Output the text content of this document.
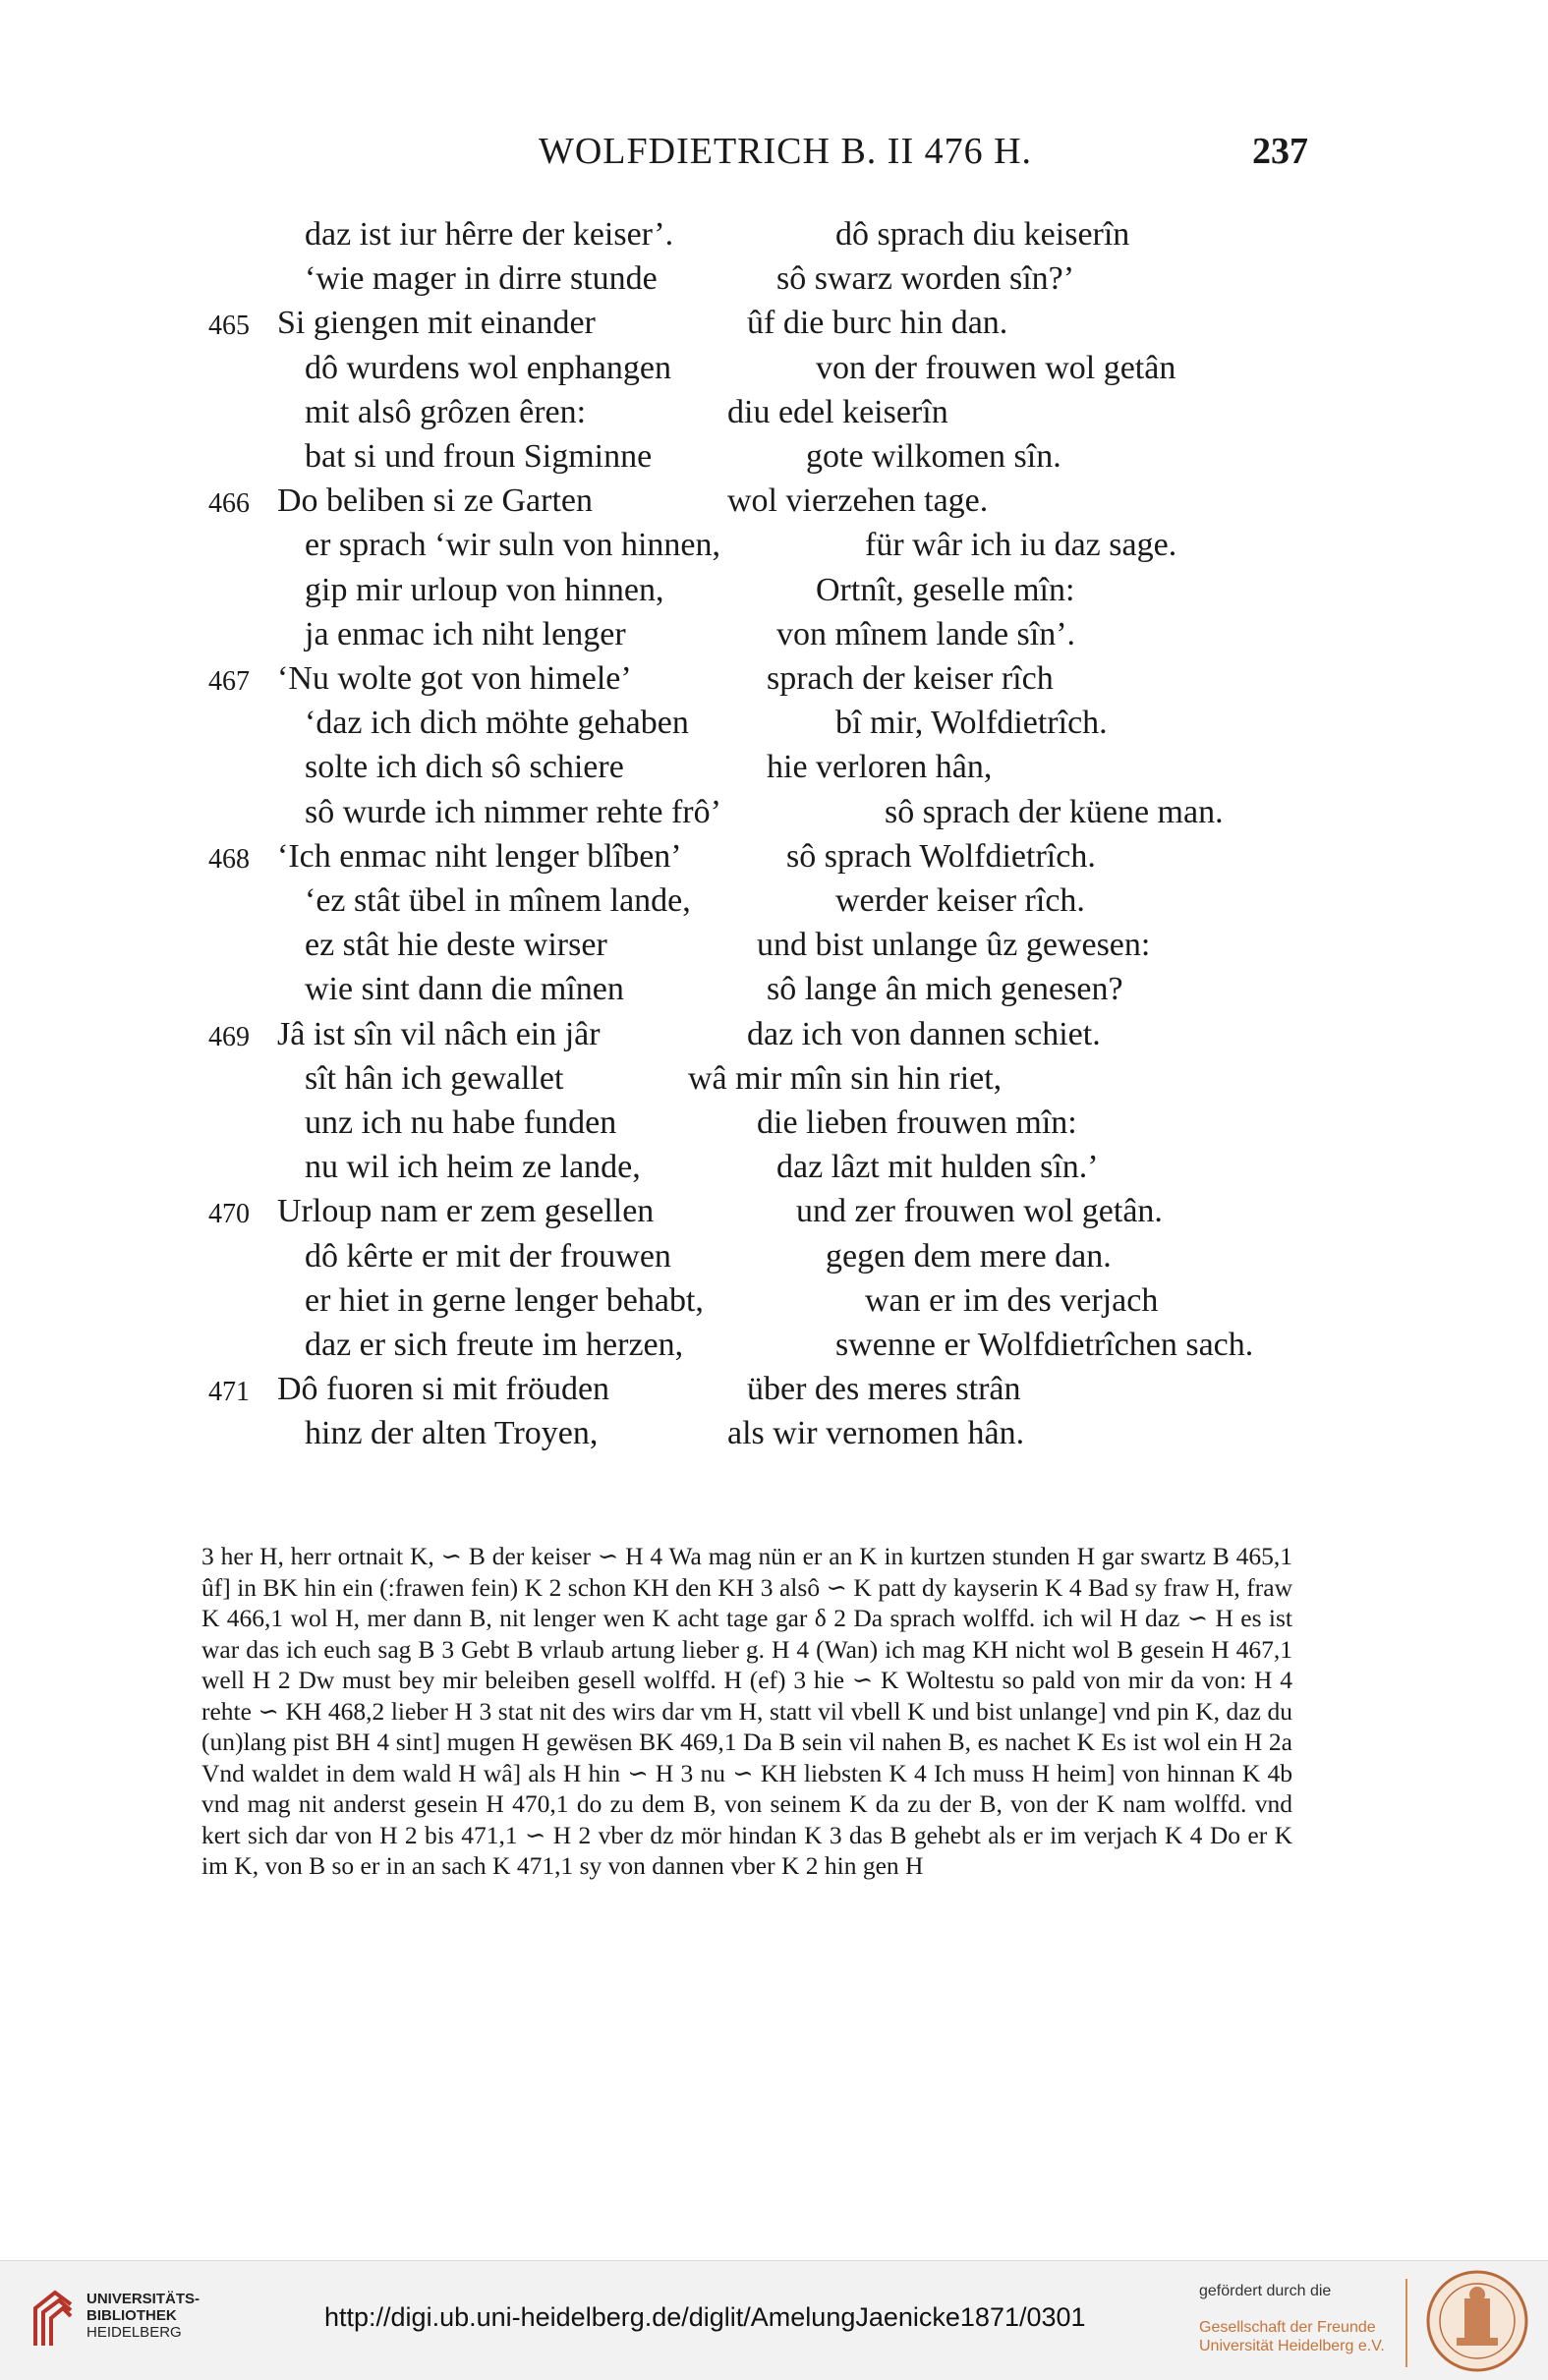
WOLFDIETRICH B. II 476 H.	237
daz ist iur hêrre der keiser’.	dô sprach diu keiserîn
‘wie mager in dirre stunde	sô swarz worden sîn?’
465 Si giengen mit einander	ûf die burc hin dan.
dô wurdens wol enphangen	von der frouwen wol getân
mit alsô grôzen êren:	diu edel keiserîn
bat si und froun Sigminne	gote wilkomen sîn.
466 Do beliben si ze Garten	wol vierzehen tage.
er sprach ‘wir suln von hinnen,	für wâr ich iu daz sage.
gip mir urloup von hinnen,	Ortnît, geselle mîn:
ja enmac ich niht lenger	von mînem lande sîn’.
467 ‘Nu wolte got von himele’	sprach der keiser rîch
‘daz ich dich möhte gehaben	bî mir, Wolfdietrîch.
solte ich dich sô schiere	hie verloren hân,
sô wurde ich nimmer rehte frô’	sô sprach der küene man.
468 ‘Ich enmac niht lenger blîben’	sô sprach Wolfdietrîch.
‘ez stât übel in mînem lande,	werder keiser rîch.
ez stât hie deste wirser	und bist unlange ûz gewesen:
wie sint dann die mînen	sô lange ân mich genesen?
469 Jâ ist sîn vil nâch ein jâr	daz ich von dannen schiet.
sît hân ich gewallet	wâ mir mîn sin hin riet,
unz ich nu habe funden	die lieben frouwen mîn:
nu wil ich heim ze lande,	daz lâzt mit hulden sîn.’
470 Urloup nam er zem gesellen	und zer frouwen wol getân.
dô kêrte er mit der frouwen	gegen dem mere dan.
er hiet in gerne lenger behabt,	wan er im des verjach
daz er sich freute im herzen,	swenne er Wolfdietrîchen sach.
471 Dô fuoren si mit fröuden	über des meres strân
hinz der alten Troyen,	als wir vernomen hân.

3 her H, herr ortnait K, ∽ B der keiser ∽ H 4 Wa mag nün er an K in kurtzen stunden H gar swartz B 465,1 ûf] in BK hin ein (:frawen fein) K 2 schon KH den KH 3 alsô ∽ K patt dy kayserin K 4 Bad sy fraw H, fraw K 466,1 wol H, mer dann B, nit lenger wen K acht tage gar δ 2 Da sprach wolffd. ich wil H daz ∽ H es ist war das ich euch sag B 3 Gebt B vrlaub artung lieber g. H 4 (Wan) ich mag KH nicht wol B gesein H 467,1 well H 2 Dw must bey mir beleiben gesell wolffd. H (ef) 3 hie ∽ K Woltestu so pald von mir da von: H 4 rehte ∽ KH 468,2 lieber H 3 stat nit des wirs dar vm H, statt vil vbell K und bist unlange] vnd pin K, daz du (un)lang pist BH 4 sint] mugen H gewësen BK 469,1 Da B sein vil nahen B, es nachet K Es ist wol ein H 2a Vnd waldet in dem wald H wâ] als H hin ∽ H 3 nu ∽ KH liebsten K 4 Ich muss H heim] von hinnan K 4b vnd mag nit anderst gesein H 470,1 do zu dem B, von seinem K da zu der B, von der K nam wolffd. vnd kert sich dar von H 2 bis 471,1 ∽ H 2 vber dz mör hindan K 3 das B gehebt als er im verjach K 4 Do er K im K, von B so er in an sach K 471,1 sy von dannen vber K 2 hin gen H

UNIVERSITÄTS-
BIBLIOTHEK
HEIDELBERG
http://digi.ub.uni-heidelberg.de/diglit/AmelungJaenicke1871/0301
gefördert durch die
Gesellschaft der Freunde
Universität Heidelberg e.V.
